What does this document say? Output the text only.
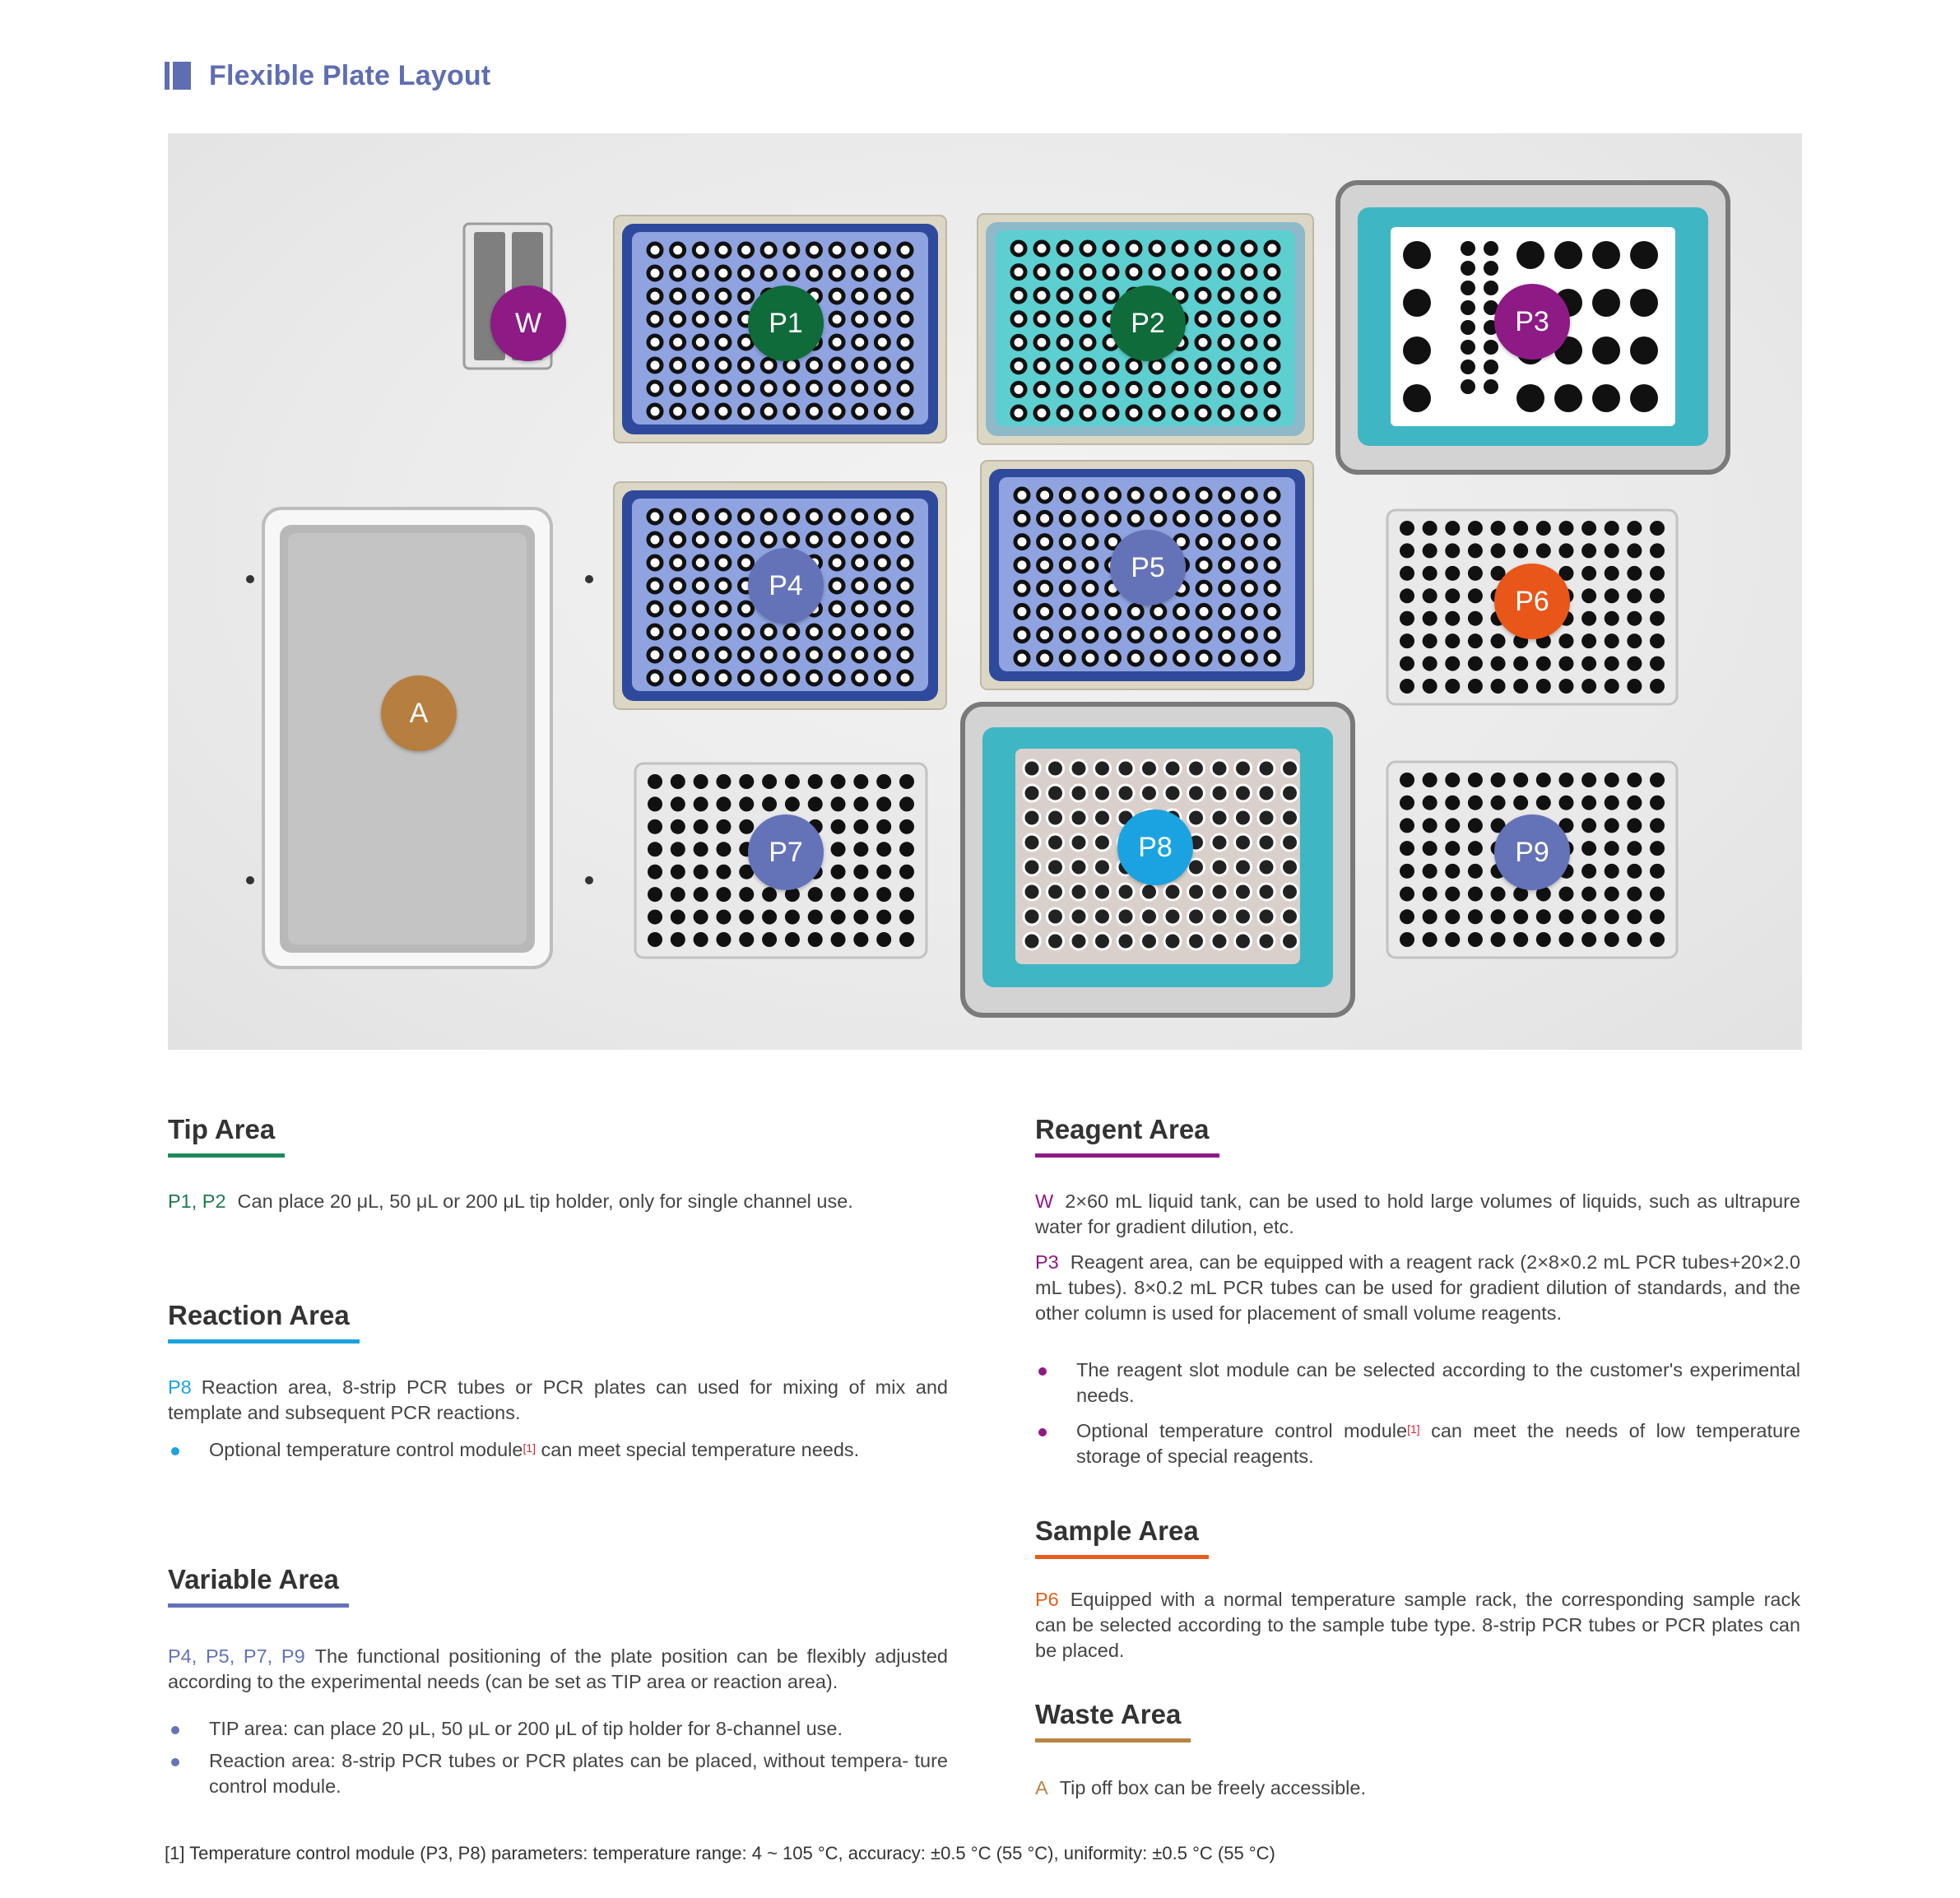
Flexible Plate Layout
W	P1	P2	P3
A
P4
P5
P6
P7	P8	P9
Tip Area

P1, P2 Can place 20 μL, 50 μL or 200 μL tip holder, only for single channel use.

Reaction Area

P8 Reaction area, 8-strip PCR tubes or PCR plates can used for mixing of mix and template and subsequent PCR reactions.

Optional temperature control module[1] can meet special temperature needs.
Variable Area

P4, P5, P7, P9 The functional positioning of the plate position can be flexibly adjusted according to the experimental needs (can be set as TIP area or reaction area).

TIP area: can place 20 μL, 50 μL or 200 μL of tip holder for 8-channel use.
Reaction area: 8-strip PCR tubes or PCR plates can be placed, without tempera- ture control module.
Reagent Area

W 2×60 mL liquid tank, can be used to hold large volumes of liquids, such as ultrapure water for gradient dilution, etc.

P3 Reagent area, can be equipped with a reagent rack (2×8×0.2 mL PCR tubes+20×2.0 mL tubes). 8×0.2 mL PCR tubes can be used for gradient dilution of standards, and the other column is used for placement of small volume reagents.

The reagent slot module can be selected according to the customer's experimental needs.
Optional temperature control module[1] can meet the needs of low temperature storage of special reagents.
Sample Area

P6 Equipped with a normal temperature sample rack, the corresponding sample rack can be selected according to the sample tube type. 8-strip PCR tubes or PCR plates can be placed.

Waste Area

A Tip off box can be freely accessible.

[1] Temperature control module (P3, P8) parameters: temperature range: 4 ~ 105 °C, accuracy: ±0.5 °C (55 °C), uniformity: ±0.5 °C (55 °C)
